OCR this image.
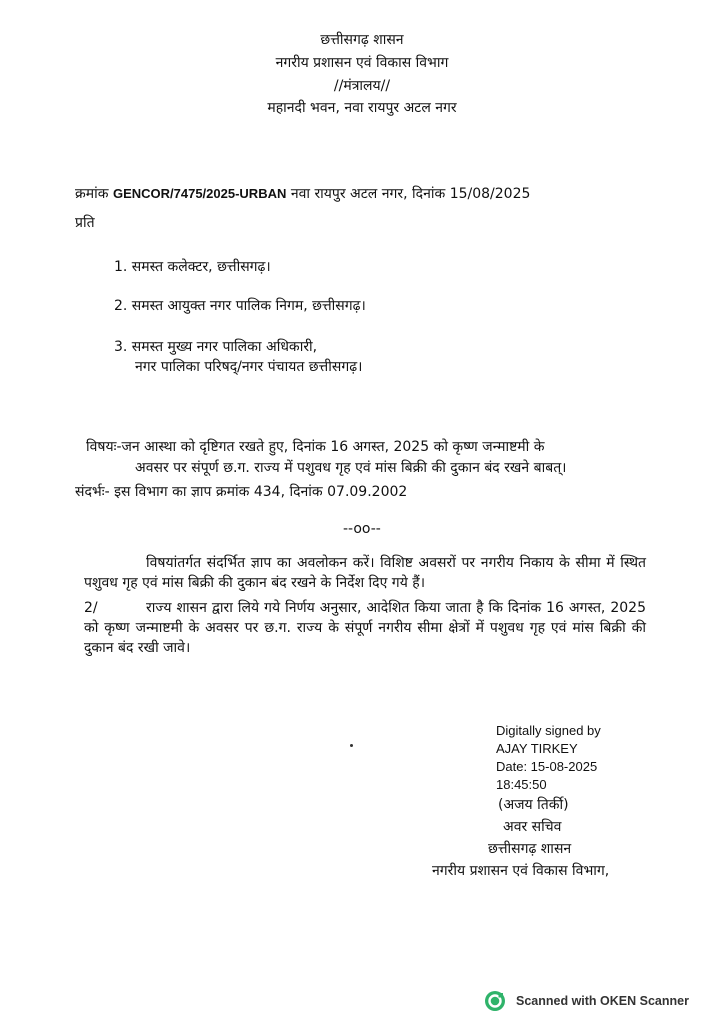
छत्तीसगढ़ शासन
नगरीय प्रशासन एवं विकास विभाग
//मंत्रालय//
महानदी भवन, नवा रायपुर अटल नगर
क्रमांक GENCOR/7475/2025-URBAN नवा रायपुर अटल नगर, दिनांक 15/08/2025
प्रति
1. समस्त कलेक्टर, छत्तीसगढ़।
2. समस्त आयुक्त नगर पालिक निगम, छत्तीसगढ़।
3. समस्त मुख्य नगर पालिका अधिकारी,
नगर पालिका परिषद्/नगर पंचायत छत्तीसगढ़।
विषयः-जन आस्था को दृष्टिगत रखते हुए, दिनांक 16 अगस्त, 2025 को कृष्ण जन्माष्टमी के
अवसर पर संपूर्ण छ.ग. राज्य में पशुवध गृह एवं मांस बिक्री की दुकान बंद रखने बाबत्।
संदर्भः- इस विभाग का ज्ञाप क्रमांक 434, दिनांक 07.09.2002
--oo--
विषयांतर्गत संदर्भित ज्ञाप का अवलोकन करें। विशिष्ट अवसरों पर नगरीय निकाय के सीमा में स्थित पशुवध गृह एवं मांस बिक्री की दुकान बंद रखने के निर्देश दिए गये हैं।
2/	राज्य शासन द्वारा लिये गये निर्णय अनुसार, आदेशित किया जाता है कि दिनांक 16 अगस्त, 2025 को कृष्ण जन्माष्टमी के अवसर पर छ.ग. राज्य के संपूर्ण नगरीय सीमा क्षेत्रों में पशुवध गृह एवं मांस बिक्री की दुकान बंद रखी जावे।
Digitally signed by
AJAY TIRKEY
Date: 15-08-2025
18:45:50
(अजय तिर्की)
अवर सचिव
छत्तीसगढ़ शासन
नगरीय प्रशासन एवं विकास विभाग,
Scanned with OKEN Scanner
